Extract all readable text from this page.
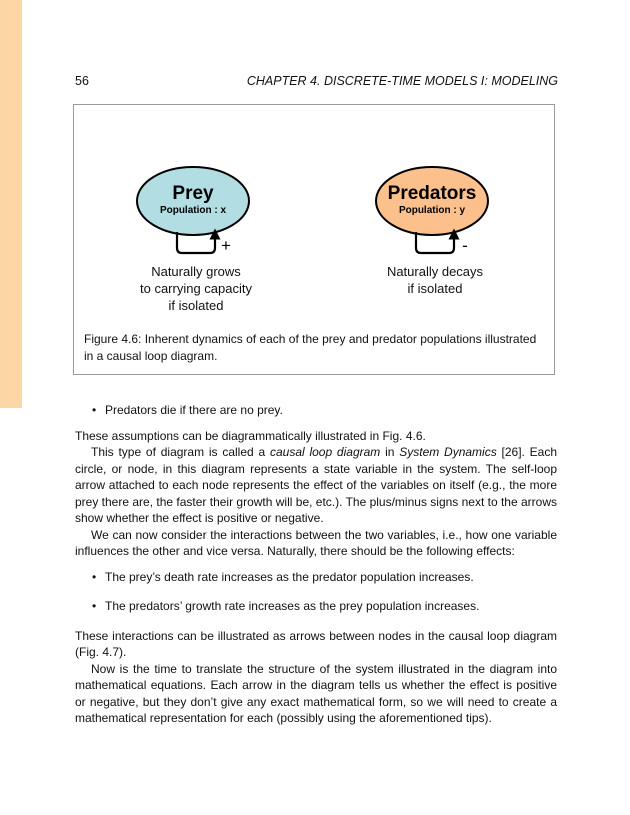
56	CHAPTER 4. DISCRETE-TIME MODELS I: MODELING
Prey
Population : x
+
Predators
Population : y
-
Naturally grows
to carrying capacity
if isolated
Naturally decays
if isolated
Figure 4.6: Inherent dynamics of each of the prey and predator populations illustrated
in a causal loop diagram.

• Predators die if there are no prey.

These assumptions can be diagrammatically illustrated in Fig. 4.6.

This type of diagram is called a causal loop diagram in System Dynamics [26]. Each circle, or node, in this diagram represents a state variable in the system. The self-loop arrow attached to each node represents the effect of the variables on itself (e.g., the more prey there are, the faster their growth will be, etc.). The plus/minus signs next to the arrows show whether the effect is positive or negative.

We can now consider the interactions between the two variables, i.e., how one variable influences the other and vice versa. Naturally, there should be the following effects:

• The prey’s death rate increases as the predator population increases.

• The predators’ growth rate increases as the prey population increases.

These interactions can be illustrated as arrows between nodes in the causal loop diagram (Fig. 4.7).

Now is the time to translate the structure of the system illustrated in the diagram into mathematical equations. Each arrow in the diagram tells us whether the effect is positive or negative, but they don’t give any exact mathematical form, so we will need to create a mathematical representation for each (possibly using the aforementioned tips).
